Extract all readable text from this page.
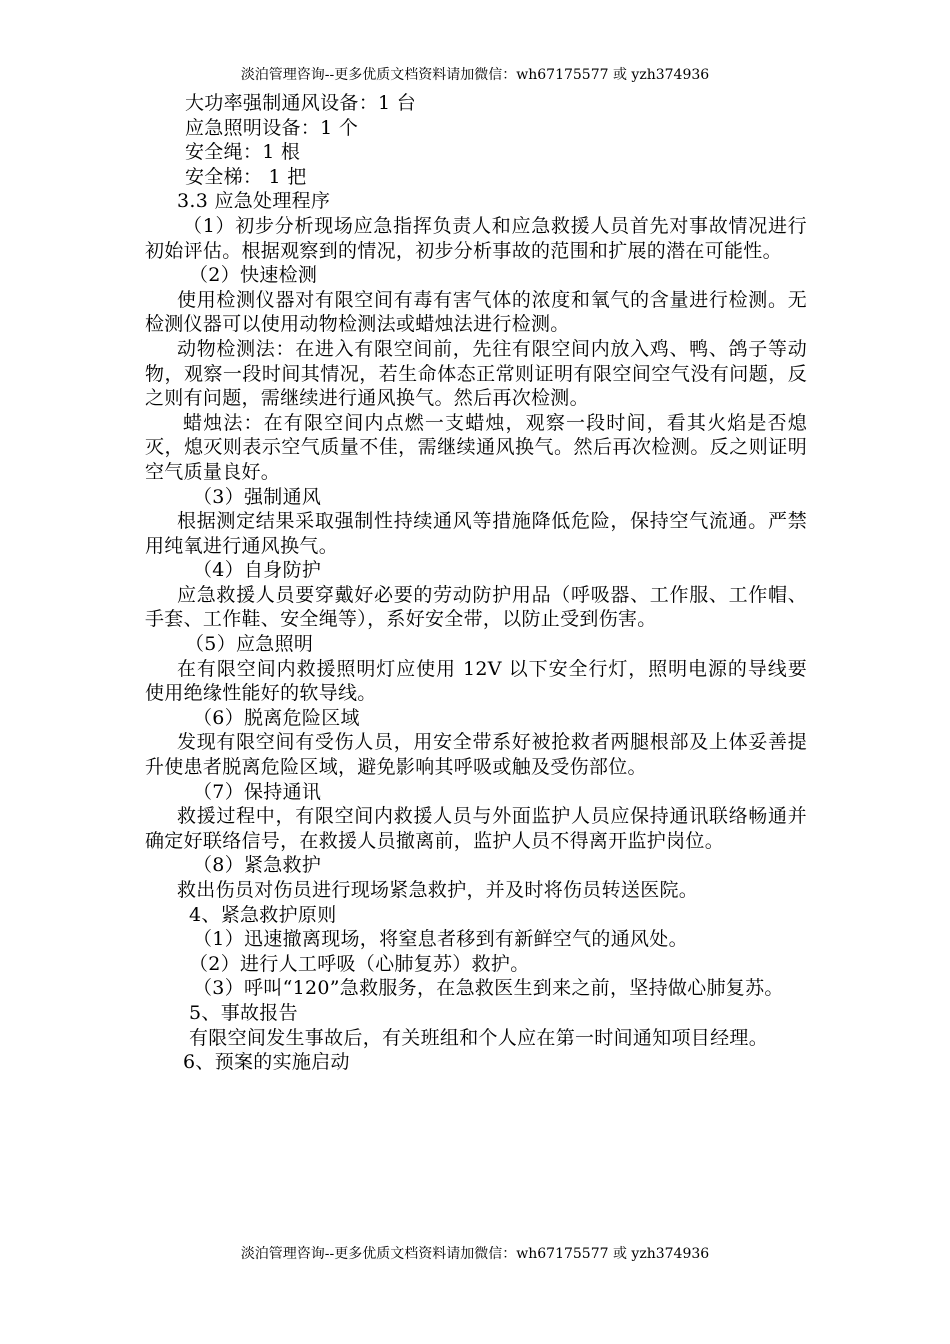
淡泊管理咨询--更多优质文档资料请加微信：wh67175577 或 yzh374936

大功率强制通风设备：1 台

应急照明设备：1 个

安全绳：1 根

安全梯： 1 把

3.3 应急处理程序

（1）初步分析现场应急指挥负责人和应急救援人员首先对事故情况进行初始评估。根据观察到的情况，初步分析事故的范围和扩展的潜在可能性。

（2）快速检测

使用检测仪器对有限空间有毒有害气体的浓度和氧气的含量进行检测。无检测仪器可以使用动物检测法或蜡烛法进行检测。

动物检测法：在进入有限空间前，先往有限空间内放入鸡、鸭、鸽子等动物，观察一段时间其情况，若生命体态正常则证明有限空间空气没有问题，反之则有问题，需继续进行通风换气。然后再次检测。

蜡烛法：在有限空间内点燃一支蜡烛，观察一段时间，看其火焰是否熄灭，熄灭则表示空气质量不佳，需继续通风换气。然后再次检测。反之则证明空气质量良好。

（3）强制通风

根据测定结果采取强制性持续通风等措施降低危险，保持空气流通。严禁用纯氧进行通风换气。

（4）自身防护

应急救援人员要穿戴好必要的劳动防护用品（呼吸器、工作服、工作帽、手套、工作鞋、安全绳等），系好安全带，以防止受到伤害。

（5）应急照明

在有限空间内救援照明灯应使用 12V 以下安全行灯，照明电源的导线要使用绝缘性能好的软导线。

（6）脱离危险区域

发现有限空间有受伤人员，用安全带系好被抢救者两腿根部及上体妥善提升使患者脱离危险区域，避免影响其呼吸或触及受伤部位。

（7）保持通讯

救援过程中，有限空间内救援人员与外面监护人员应保持通讯联络畅通并确定好联络信号，在救援人员撤离前，监护人员不得离开监护岗位。

（8）紧急救护

救出伤员对伤员进行现场紧急救护，并及时将伤员转送医院。

4、紧急救护原则

（1）迅速撤离现场，将窒息者移到有新鲜空气的通风处。

（2）进行人工呼吸（心肺复苏）救护。

（3）呼叫“120”急救服务，在急救医生到来之前，坚持做心肺复苏。

5、事故报告

有限空间发生事故后，有关班组和个人应在第一时间通知项目经理。

6、预案的实施启动

淡泊管理咨询--更多优质文档资料请加微信：wh67175577 或 yzh374936
